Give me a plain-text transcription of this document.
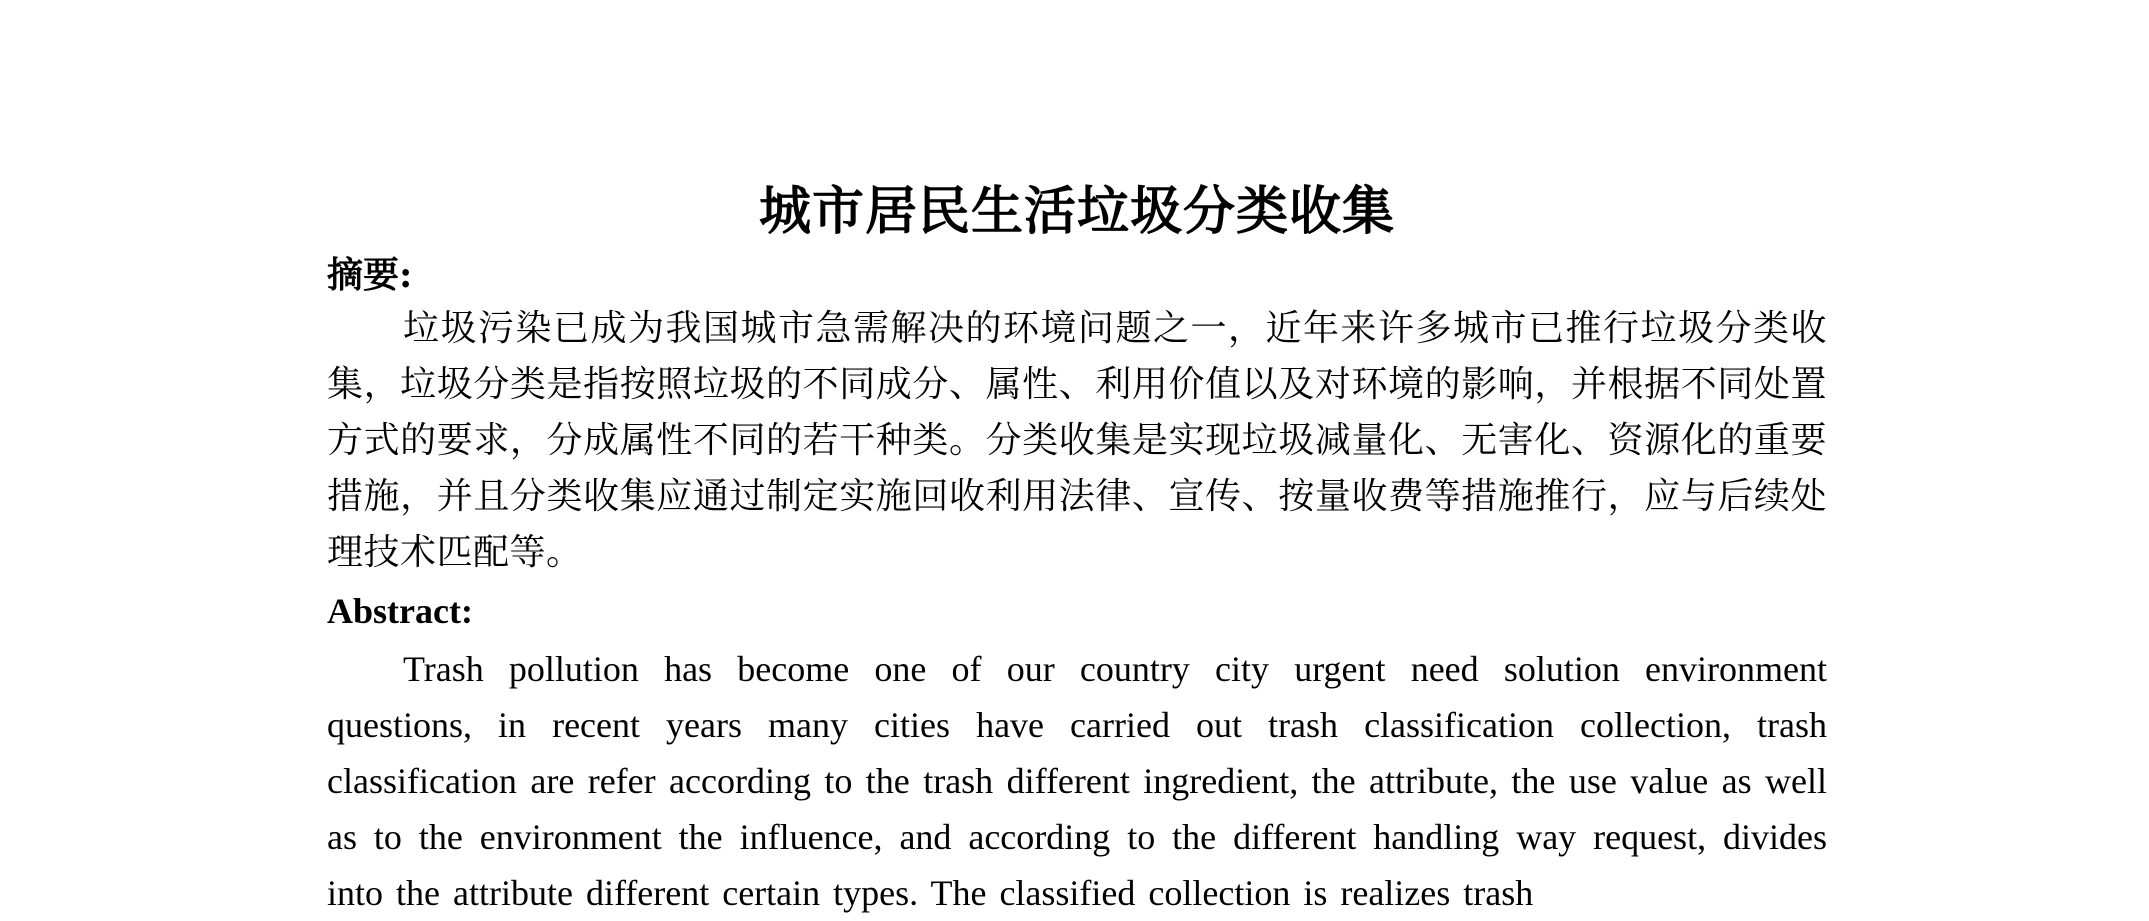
城市居民生活垃圾分类收集

摘要:

垃圾污染已成为我国城市急需解决的环境问题之一，近年来许多城市已推行垃圾分类收集，垃圾分类是指按照垃圾的不同成分、属性、利用价值以及对环境的影响，并根据不同处置方式的要求，分成属性不同的若干种类。分类收集是实现垃圾减量化、无害化、资源化的重要措施，并且分类收集应通过制定实施回收利用法律、宣传、按量收费等措施推行，应与后续处理技术匹配等。

Abstract:

Trash pollution has become one of our country city urgent need solution environment questions, in recent years many cities have carried out trash classification collection, trash classification are refer according to the trash different ingredient, the attribute, the use value as well as to the environment the influence, and according to the different handling way request, divides into the attribute different certain types. The classified collection is realizes trash
